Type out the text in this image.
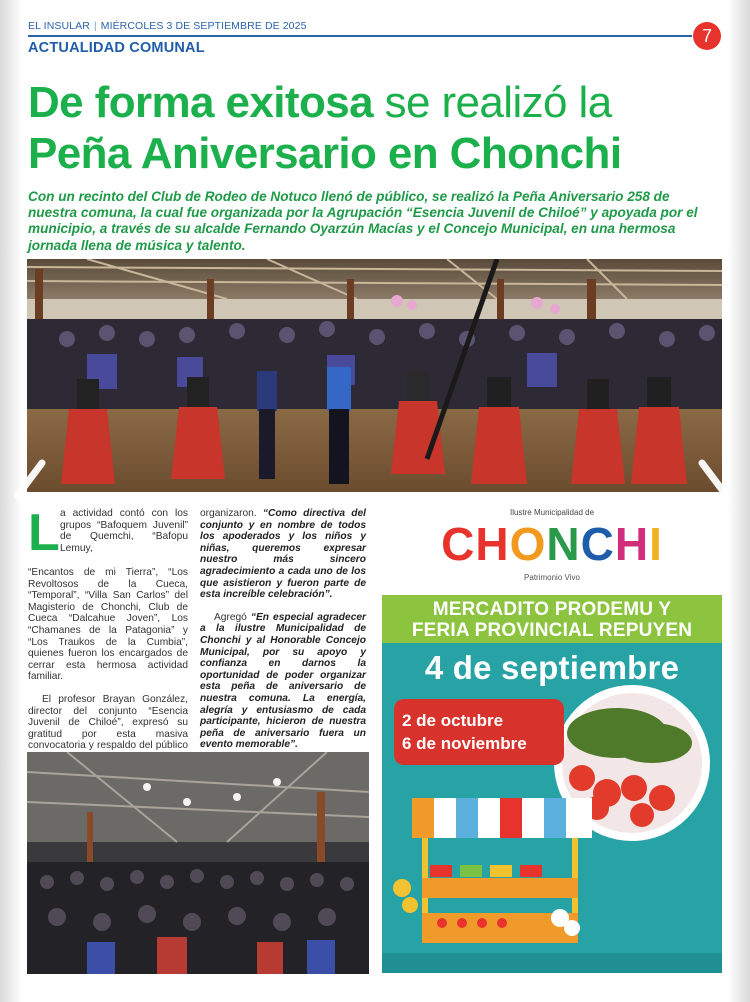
EL INSULAR | MIÉRCOLES 3 DE SEPTIEMBRE DE 2025	7
ACTUALIDAD COMUNAL
De forma exitosa se realizó la
Peña Aniversario en Chonchi
Con un recinto del Club de Rodeo de Notuco llenó de público, se realizó la Peña Aniversario 258 de nuestra comuna, la cual fue organizada por la Agrupación “Esencia Juvenil de Chiloé” y apoyada por el municipio, a través de su alcalde Fernando Oyarzún Macías y el Concejo Municipal, en una hermosa jornada llena de música y talento.
L a actividad contó con los grupos “Bafoquem Juvenil” de Quemchi, “Bafopu Lemuy,

“Encantos de mi Tierra”, “Los Revoltosos de la Cueca, “Temporal”, “Villa San Carlos” del Magisterio de Chonchi, Club de Cueca “Dalcahue Joven”, Los “Chamanes de la Patagonia” y “Los Traukos de la Cumbia”, quienes fueron los encargados de cerrar esta hermosa actividad familiar.

El profesor Brayan González, director del conjunto “Esencia Juvenil de Chiloé”, expresó su gratitud por esta masiva convocatoria y respaldo del público

organizaron. “Como directiva del conjunto y en nombre de todos los apoderados y los niños y niñas, queremos expresar nuestro más sincero agradecimiento a cada uno de los que asistieron y fueron parte de esta increíble celebración”.

Agregó “En especial agradecer a la ilustre Municipalidad de Chonchi y al Honorable Concejo Municipal, por su apoyo y confianza en darnos la oportunidad de poder organizar esta peña de aniversario de nuestra comuna. La energía, alegría y entusiasmo de cada participante, hicieron de nuestra peña de aniversario fuera un evento memorable”.

Ilustre Municipalidad de
CHONCHI
Patrimonio Vivo
MERCADITO PRODEMU Y
FERIA PROVINCIAL REPUYEN
4 de septiembre
2 de octubre
6 de noviembre
